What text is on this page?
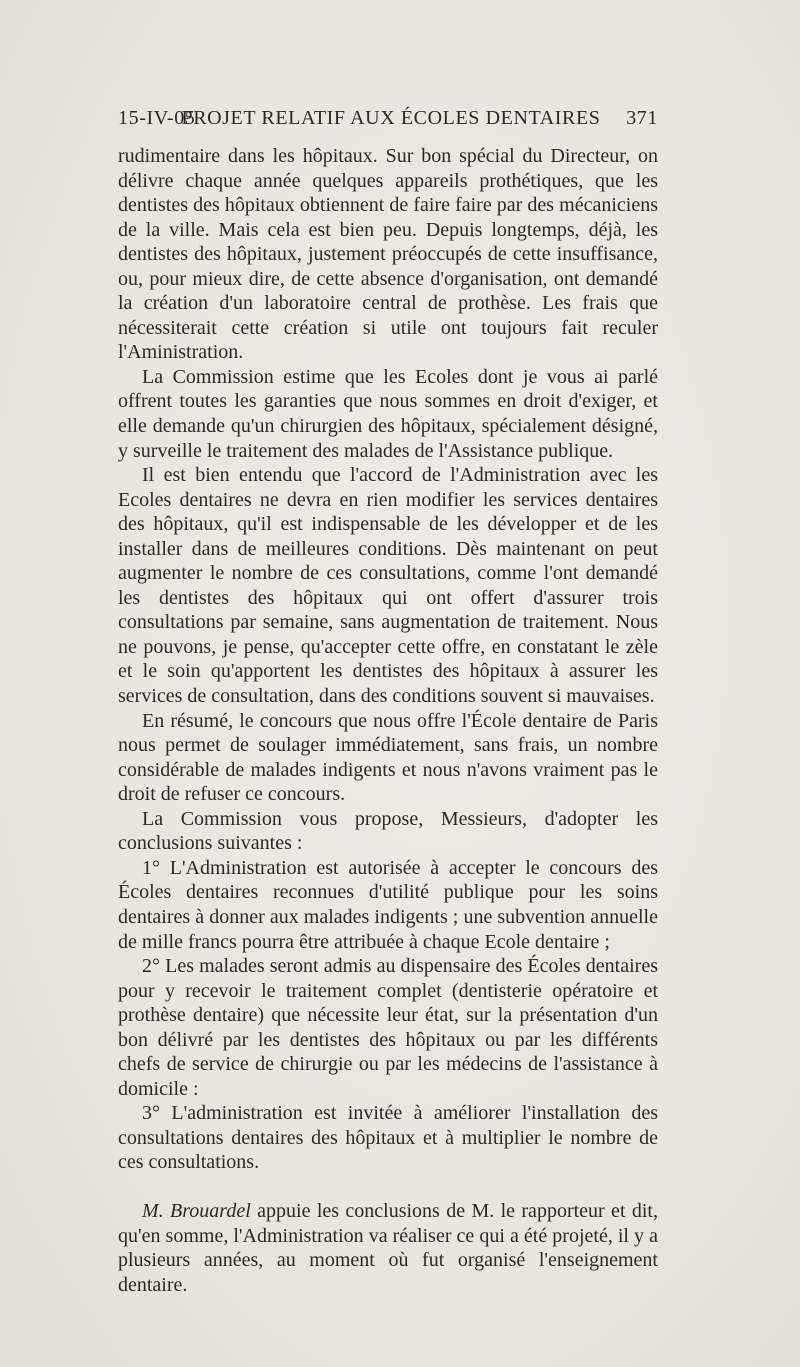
15-IV-05
PROJET RELATIF AUX ÉCOLES DENTAIRES	371

rudimentaire dans les hôpitaux. Sur bon spécial du Directeur, on délivre chaque année quelques appareils prothétiques, que les dentistes des hôpitaux obtiennent de faire faire par des mécaniciens de la ville. Mais cela est bien peu. Depuis longtemps, déjà, les dentistes des hôpitaux, justement préoccupés de cette insuffisance, ou, pour mieux dire, de cette absence d'organisation, ont demandé la création d'un laboratoire central de prothèse. Les frais que nécessiterait cette création si utile ont toujours fait reculer l'Aministration.

La Commission estime que les Ecoles dont je vous ai parlé offrent toutes les garanties que nous sommes en droit d'exiger, et elle demande qu'un chirurgien des hôpitaux, spécialement désigné, y surveille le traitement des malades de l'Assistance publique.

Il est bien entendu que l'accord de l'Administration avec les Ecoles dentaires ne devra en rien modifier les services dentaires des hôpitaux, qu'il est indispensable de les développer et de les installer dans de meilleures conditions. Dès maintenant on peut augmenter le nombre de ces consultations, comme l'ont demandé les dentistes des hôpitaux qui ont offert d'assurer trois consultations par semaine, sans augmentation de traitement. Nous ne pouvons, je pense, qu'accepter cette offre, en constatant le zèle et le soin qu'apportent les dentistes des hôpitaux à assurer les services de consultation, dans des conditions souvent si mauvaises.

En résumé, le concours que nous offre l'École dentaire de Paris nous permet de soulager immédiatement, sans frais, un nombre considérable de malades indigents et nous n'avons vraiment pas le droit de refuser ce concours.

La Commission vous propose, Messieurs, d'adopter les conclusions suivantes :

1° L'Administration est autorisée à accepter le concours des Écoles dentaires reconnues d'utilité publique pour les soins dentaires à donner aux malades indigents ; une subvention annuelle de mille francs pourra être attribuée à chaque Ecole dentaire ;

2° Les malades seront admis au dispensaire des Écoles dentaires pour y recevoir le traitement complet (dentisterie opératoire et prothèse dentaire) que nécessite leur état, sur la présentation d'un bon délivré par les dentistes des hôpitaux ou par les différents chefs de service de chirurgie ou par les médecins de l'assistance à domicile :

3° L'administration est invitée à améliorer l'installation des consultations dentaires des hôpitaux et à multiplier le nombre de ces consultations.

M. Brouardel appuie les conclusions de M. le rapporteur et dit, qu'en somme, l'Administration va réaliser ce qui a été projeté, il y a plusieurs années, au moment où fut organisé l'enseignement dentaire.
